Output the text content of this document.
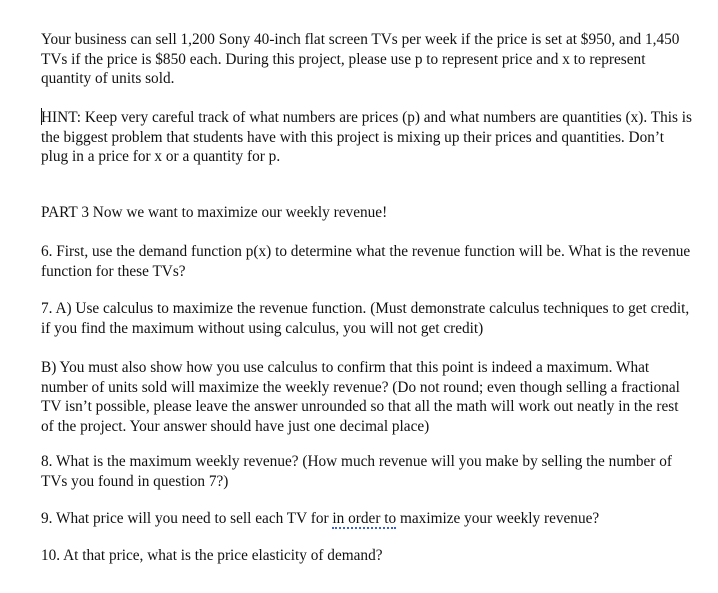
Your business can sell 1,200 Sony 40-inch flat screen TVs per week if the price is set at $950, and 1,450 TVs if the price is $850 each. During this project, please use p to represent price and x to represent quantity of units sold.

HINT: Keep very careful track of what numbers are prices (p) and what numbers are quantities (x). This is the biggest problem that students have with this project is mixing up their prices and quantities. Don’t plug in a price for x or a quantity for p.

PART 3 Now we want to maximize our weekly revenue!

6. First, use the demand function p(x) to determine what the revenue function will be. What is the revenue function for these TVs?

7. A) Use calculus to maximize the revenue function. (Must demonstrate calculus techniques to get credit, if you find the maximum without using calculus, you will not get credit)

B) You must also show how you use calculus to confirm that this point is indeed a maximum. What number of units sold will maximize the weekly revenue? (Do not round; even though selling a fractional TV isn’t possible, please leave the answer unrounded so that all the math will work out neatly in the rest of the project. Your answer should have just one decimal place)

8. What is the maximum weekly revenue? (How much revenue will you make by selling the number of TVs you found in question 7?)

9. What price will you need to sell each TV for in order to maximize your weekly revenue?

10. At that price, what is the price elasticity of demand?
